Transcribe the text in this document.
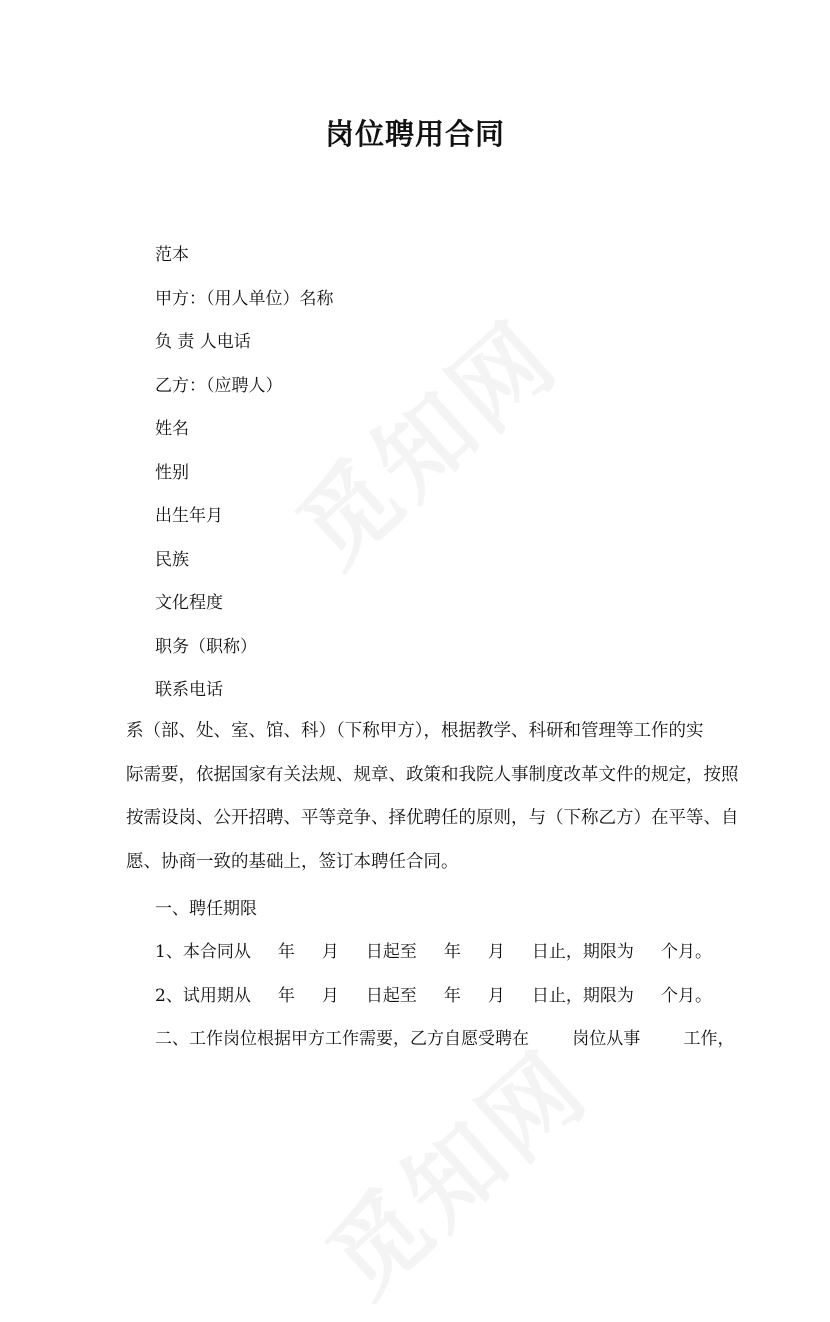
岗位聘用合同
范本
甲方：（用人单位）名称
负 责 人电话
乙方：（应聘人）
姓名
性别
出生年月
民族
文化程度
职务（职称）
联系电话
系（部、处、室、馆、科）（下称甲方），根据教学、科研和管理等工作的实
际需要，依据国家有关法规、规章、政策和我院人事制度改革文件的规定，按照
按需设岗、公开招聘、平等竞争、择优聘任的原则，与（下称乙方）在平等、自
愿、协商一致的基础上，签订本聘任合同。
一、聘任期限
1、本合同从     年     月     日起至     年     月     日止，期限为     个月。
2、试用期从     年     月     日起至     年     月     日止，期限为     个月。
二、工作岗位根据甲方工作需要，乙方自愿受聘在        岗位从事        工作，
